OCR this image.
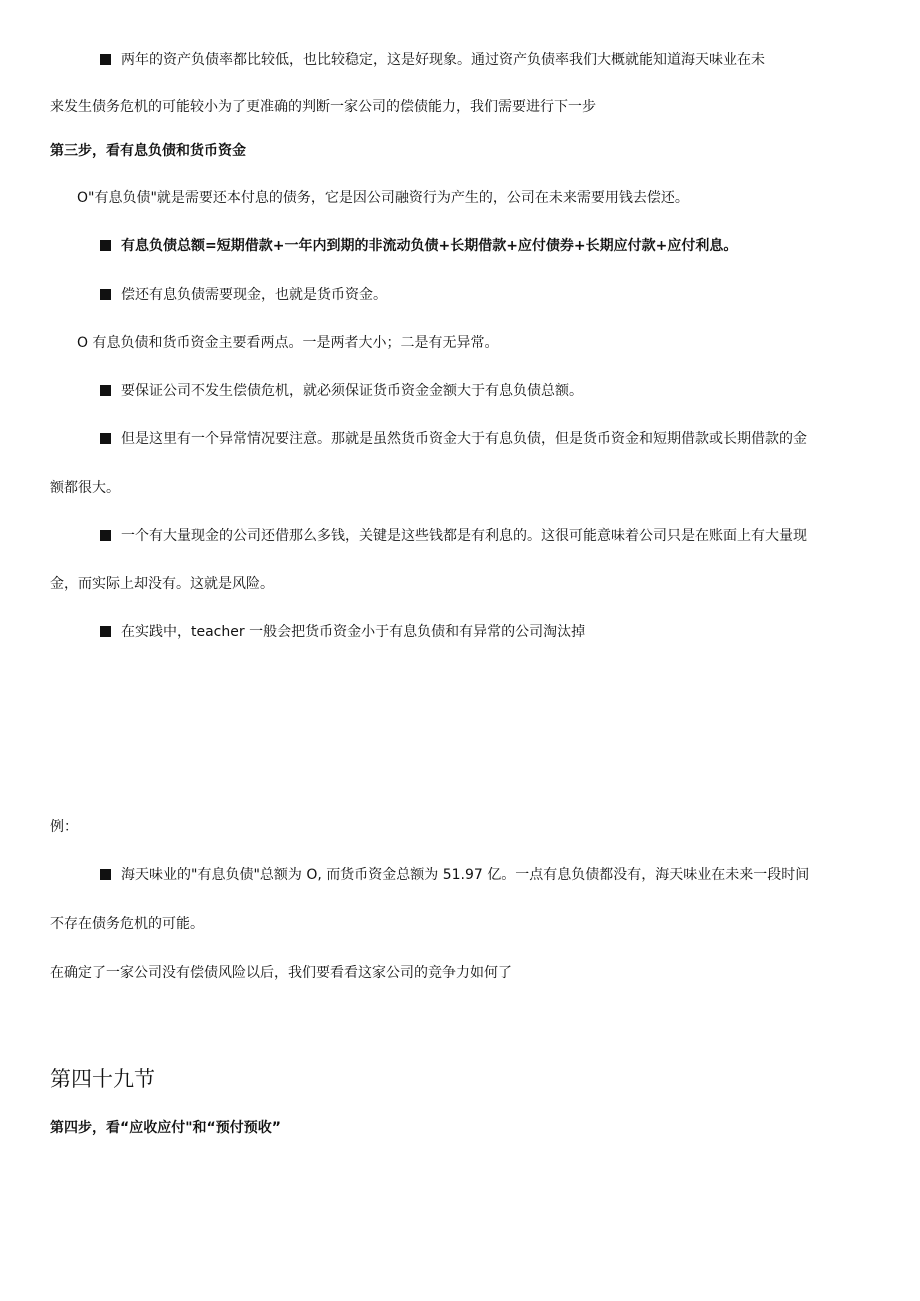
两年的资产负债率都比较低，也比较稳定，这是好现象。通过资产负债率我们大概就能知道海天味业在未
来发生债务危机的可能较小为了更准确的判断一家公司的偿债能力，我们需要进行下一步
第三步，看有息负债和货币资金
O"有息负债"就是需要还本付息的债务，它是因公司融资行为产生的，公司在未来需要用钱去偿还。
有息负债总额=短期借款+一年内到期的非流动负债+长期借款+应付债券+长期应付款+应付利息。
偿还有息负债需要现金，也就是货币资金。
O 有息负债和货币资金主要看两点。一是两者大小；二是有无异常。
要保证公司不发生偿债危机，就必须保证货币资金金额大于有息负债总额。
但是这里有一个异常情况要注意。那就是虽然货币资金大于有息负债，但是货币资金和短期借款或长期借款的金
额都很大。
一个有大量现金的公司还借那么多钱，关键是这些钱都是有利息的。这很可能意味着公司只是在账面上有大量现
金，而实际上却没有。这就是风险。
在实践中，teacher 一般会把货币资金小于有息负债和有异常的公司淘汰掉
例：
海天味业的"有息负债"总额为 O, 而货币资金总额为 51.97 亿。一点有息负债都没有，海天味业在未来一段时间
不存在债务危机的可能。
在确定了一家公司没有偿债风险以后，我们要看看这家公司的竞争力如何了
第四十九节
第四步，看“应收应付"和“预付预收”
